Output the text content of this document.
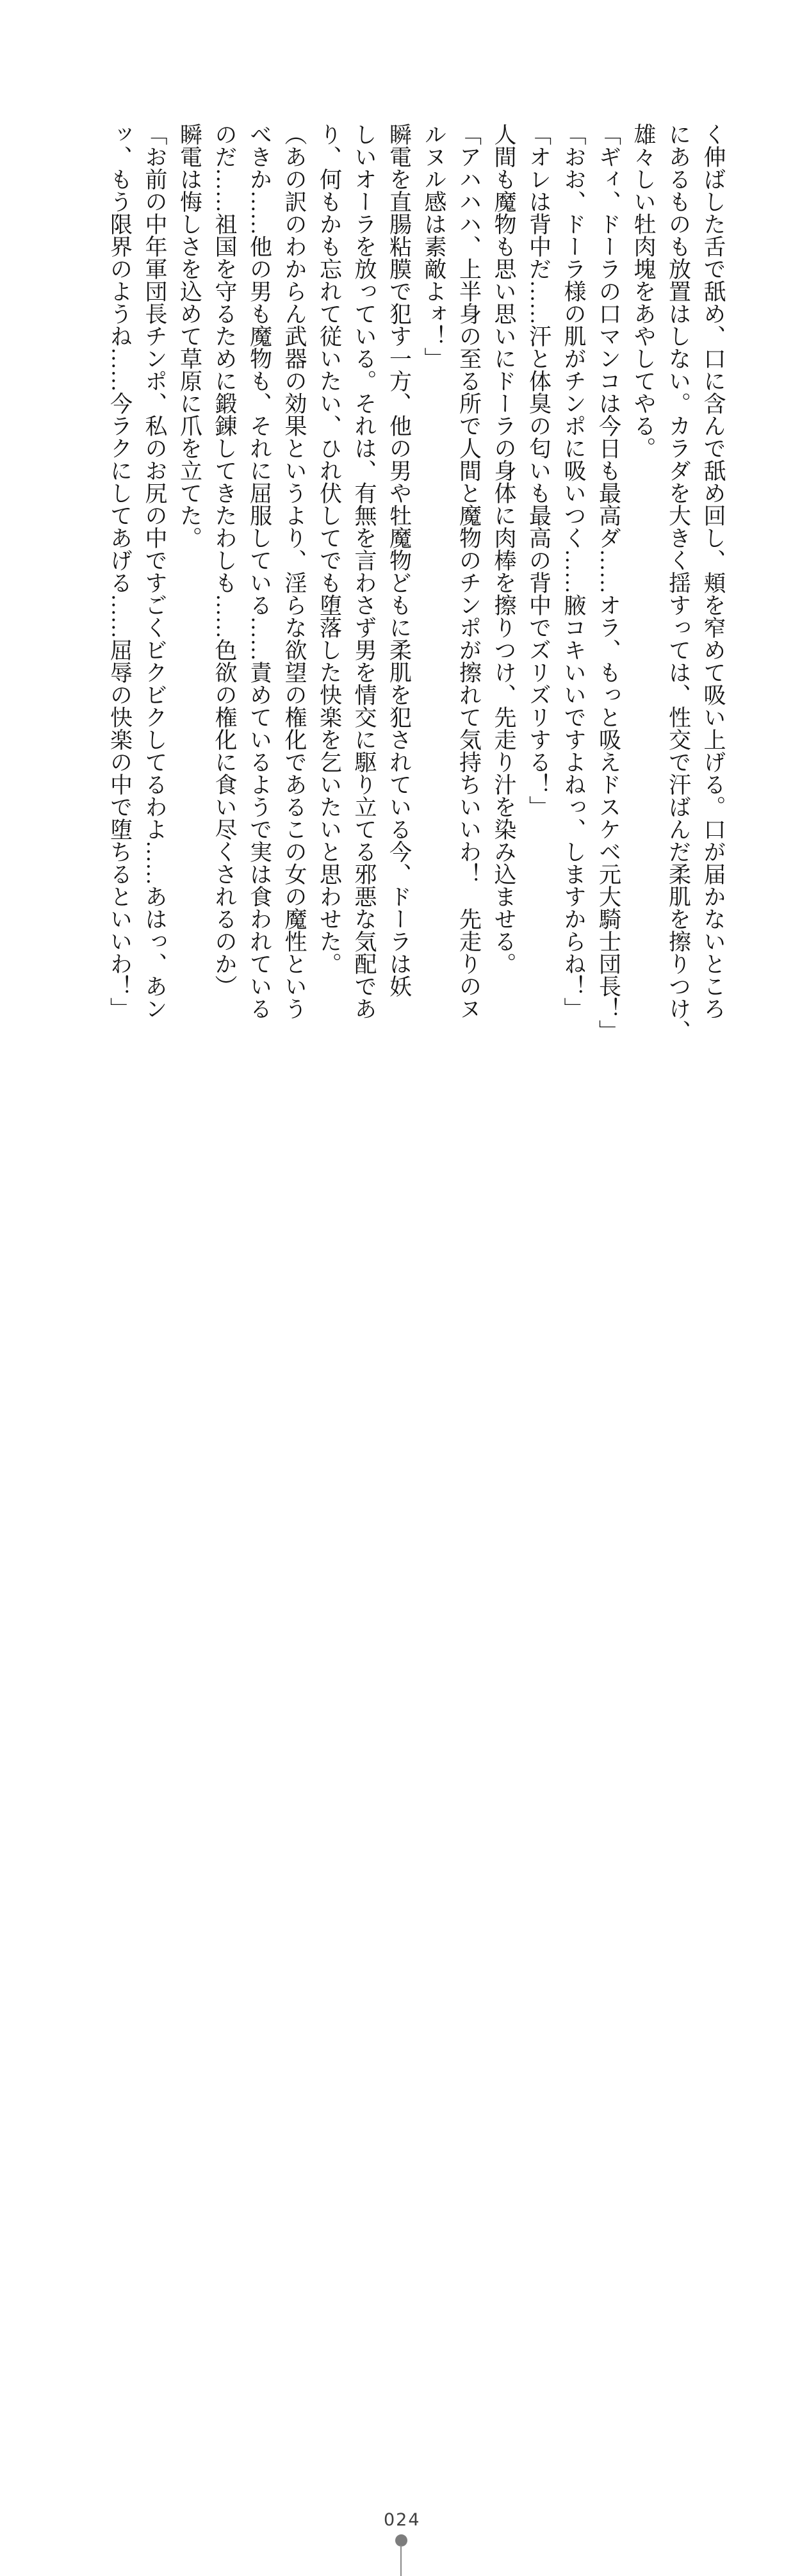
く伸ばした舌で舐め、口に含んで舐め回し、頬を窄めて吸い上げる。口が届かないところ

にあるものも放置はしない。カラダを大きく揺すっては、性交で汗ばんだ柔肌を擦りつけ、

雄々しい牡肉塊をあやしてやる。

「ギィ、ドーラの口マンコは今日も最高ダ……オラ、もっと吸えドスケベ元大騎士団長！」

「おお、ドーラ様の肌がチンポに吸いつく……腋コキいいですよねっ、しますからね！」

「オレは背中だ……汗と体臭の匂いも最高の背中でズリズリする！」

人間も魔物も思い思いにドーラの身体に肉棒を擦りつけ、先走り汁を染み込ませる。

「アハハハ、上半身の至る所で人間と魔物のチンポが擦れて気持ちいいわ！　先走りのヌ

ルヌル感は素敵よォ！」

瞬電を直腸粘膜で犯す一方、他の男や牡魔物どもに柔肌を犯されている今、ドーラは妖

しいオーラを放っている。それは、有無を言わさず男を情交に駆り立てる邪悪な気配であ

り、何もかも忘れて従いたい、ひれ伏してでも堕落した快楽を乞いたいと思わせた。

（あの訳のわからん武器の効果というより、淫らな欲望の権化であるこの女の魔性という

べきか……他の男も魔物も、それに屈服している……責めているようで実は食われている

のだ……祖国を守るために鍛錬してきたわしも……色欲の権化に食い尽くされるのか）

瞬電は悔しさを込めて草原に爪を立てた。

「お前の中年軍団長チンポ、私のお尻の中ですごくビクビクしてるわよ……あはっ、あン

ッ、もう限界のようね……今ラクにしてあげる……屈辱の快楽の中で堕ちるといいわ！」

024
